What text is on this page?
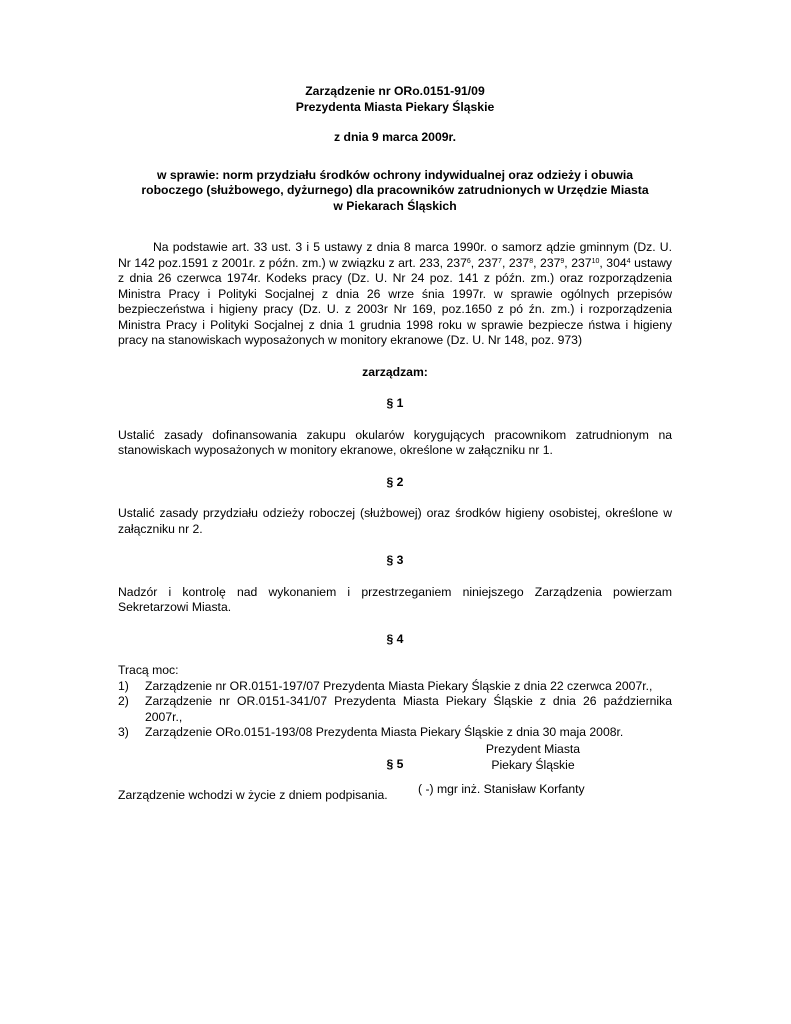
Zarządzenie nr ORo.0151-91/09

Prezydenta Miasta Piekary Śląskie

z dnia 9 marca 2009r.

w sprawie: norm przydziału środków ochrony indywidualnej oraz odzieży i obuwia

roboczego (służbowego, dyżurnego) dla pracowników zatrudnionych w Urzędzie Miasta

w Piekarach Śląskich

Na podstawie art. 33 ust. 3 i 5 ustawy z dnia 8 marca 1990r. o samorz ądzie gminnym (Dz. U. Nr 142 poz.1591 z 2001r. z późn. zm.) w związku z art. 233, $237^6$, $237^7$, $237^8$, $237^9$, $237^{10}$, $304^4$ ustawy z dnia 26 czerwca 1974r. Kodeks pracy (Dz. U. Nr 24 poz. 141 z późn. zm.) oraz rozporządzenia Ministra Pracy i Polityki Socjalnej z dnia 26 wrze śnia 1997r. w sprawie ogólnych przepisów bezpieczeństwa i higieny pracy (Dz. U. z 2003r Nr 169, poz.1650 z pó źn. zm.) i rozporządzenia Ministra Pracy i Polityki Socjalnej z dnia 1 grudnia 1998 roku w sprawie bezpiecze ństwa i higieny pracy na stanowiskach wyposażonych w monitory ekranowe (Dz. U. Nr 148, poz. 973)

zarządzam:

§ 1

Ustalić zasady dofinansowania zakupu okularów korygujących pracownikom zatrudnionym na stanowiskach wyposażonych w monitory ekranowe, określone w załączniku nr 1.

§ 2

Ustalić zasady przydziału odzieży roboczej (służbowej) oraz środków higieny osobistej, określone w załączniku nr 2.

§ 3

Nadzór i kontrolę nad wykonaniem i przestrzeganiem niniejszego Zarządzenia powierzam Sekretarzowi Miasta.

§ 4

Tracą moc:

1)	Zarządzenie nr OR.0151-197/07 Prezydenta Miasta Piekary Śląskie z dnia 22 czerwca 2007r.,
2)	Zarządzenie nr OR.0151-341/07 Prezydenta Miasta Piekary Śląskie z dnia 26 października 2007r.,
3)	Zarządzenie ORo.0151-193/08 Prezydenta Miasta Piekary Śląskie z dnia 30 maja 2008r.

§ 5

Zarządzenie wchodzi w życie z dniem podpisania.

Prezydent Miasta

Piekary Śląskie

( -) mgr inż. Stanisław Korfanty
